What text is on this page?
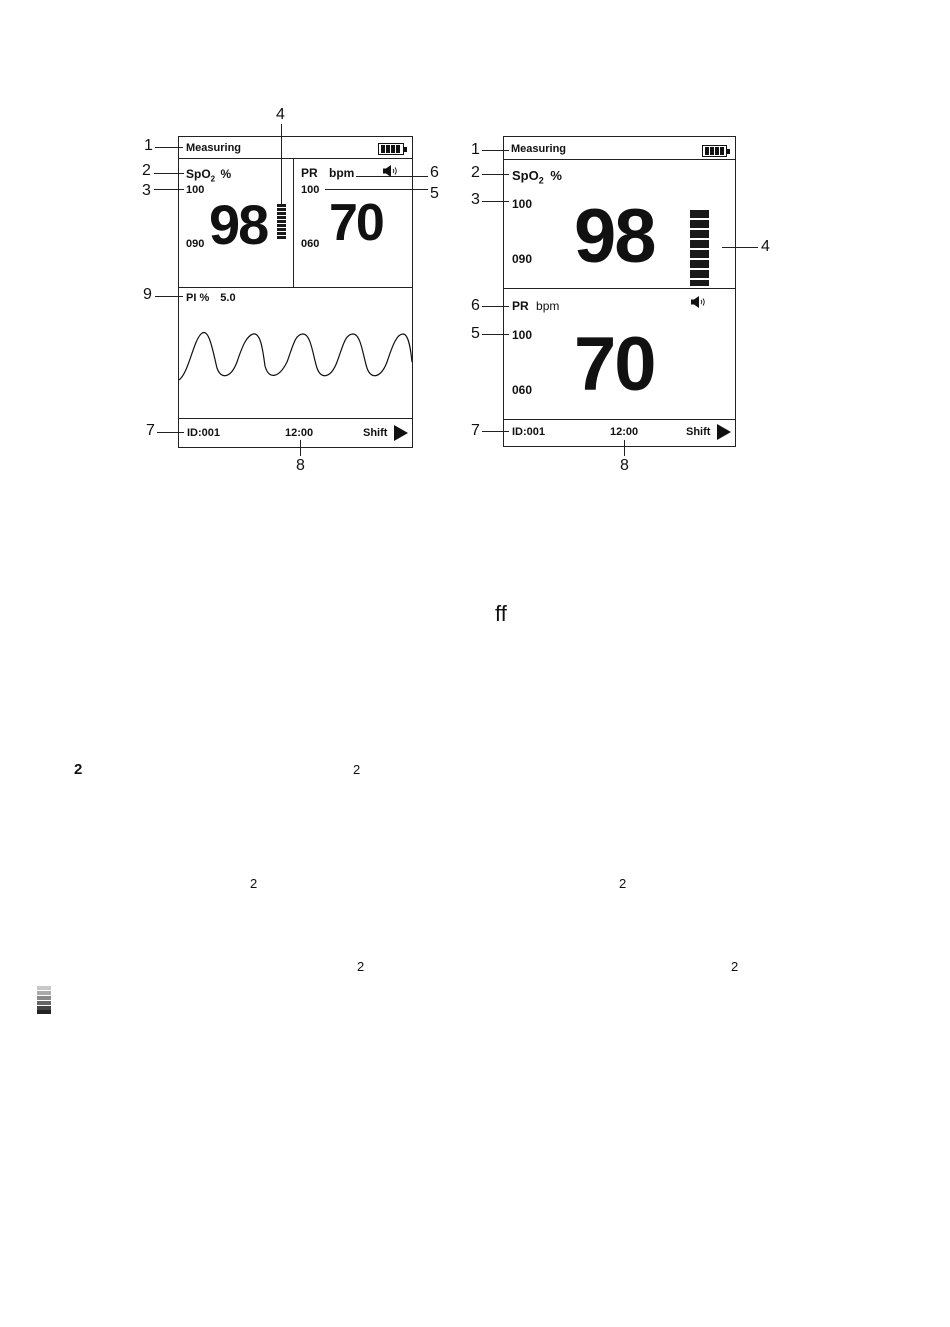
Measuring
SpO$_2$ %
100
090 98
PR bpm
100
060 70
PI % 5.0
ID:001	12:00	Shift
1
2
3
4
6
5
9
7
8
Measuring
SpO$_2$ %
100
090 98
PR bpm
100
060 70
ID:001	12:00	Shift
1
2
3
4
6
5
7
8
ff
2	2
2	2
2	2
